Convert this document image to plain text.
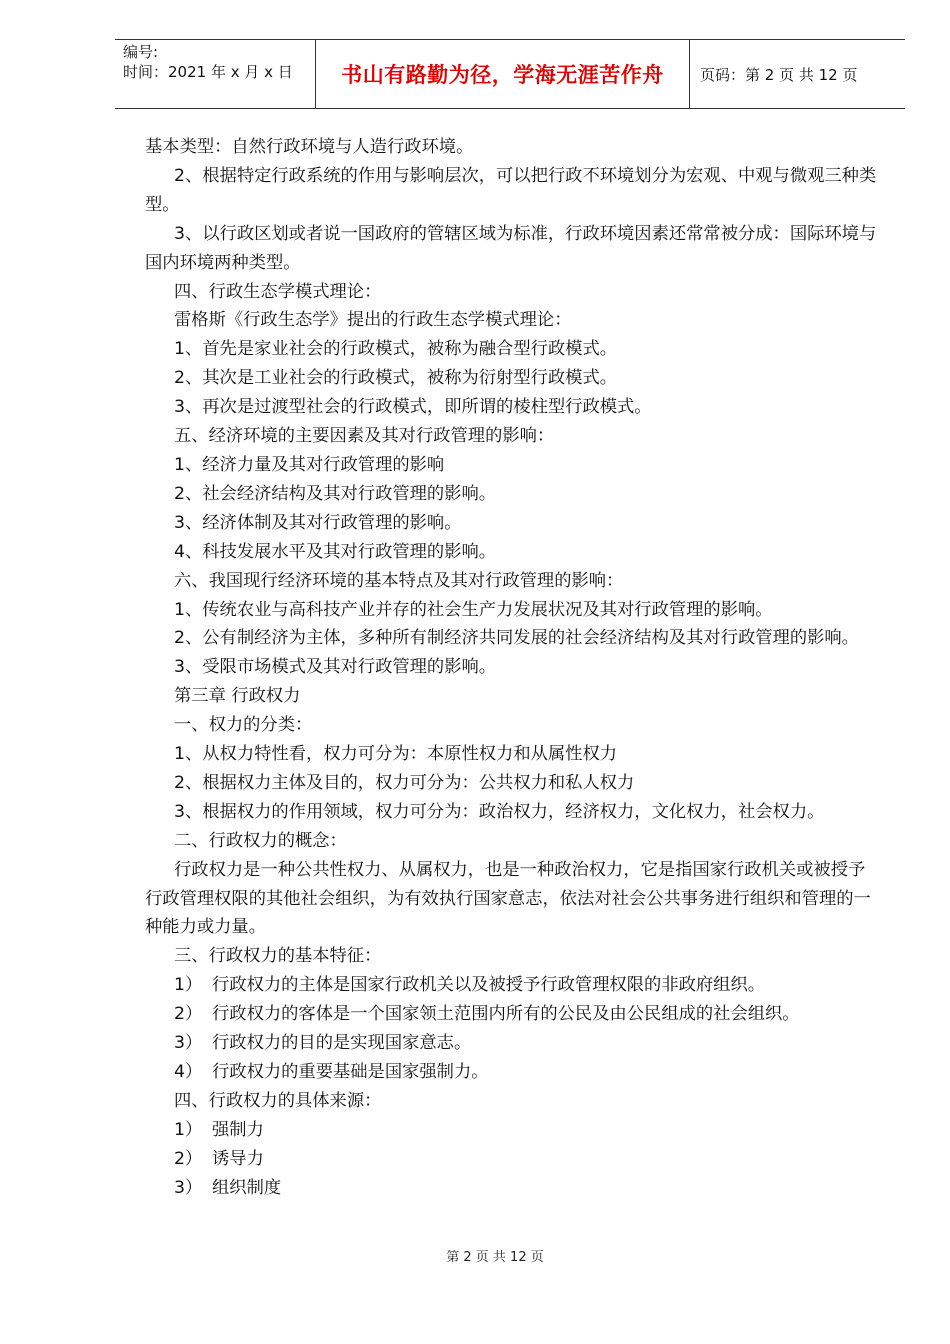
编号:
时间：2021 年 x 月 x 日	书山有路勤为径，学海无涯苦作舟	页码：第 2 页 共 12 页

基本类型：自然行政环境与人造行政环境。

2、根据特定行政系统的作用与影响层次，可以把行政不环境划分为宏观、中观与微观三种类型。

3、以行政区划或者说一国政府的管辖区域为标准，行政环境因素还常常被分成：国际环境与国内环境两种类型。

四、行政生态学模式理论：

雷格斯《行政生态学》提出的行政生态学模式理论：

1、首先是家业社会的行政模式，被称为融合型行政模式。

2、其次是工业社会的行政模式，被称为衍射型行政模式。

3、再次是过渡型社会的行政模式，即所谓的棱柱型行政模式。

五、经济环境的主要因素及其对行政管理的影响：

1、经济力量及其对行政管理的影响

2、社会经济结构及其对行政管理的影响。

3、经济体制及其对行政管理的影响。

4、科技发展水平及其对行政管理的影响。

六、我国现行经济环境的基本特点及其对行政管理的影响：

1、传统农业与高科技产业并存的社会生产力发展状况及其对行政管理的影响。

2、公有制经济为主体，多种所有制经济共同发展的社会经济结构及其对行政管理的影响。

3、受限市场模式及其对行政管理的影响。

第三章 行政权力

一、权力的分类：

1、从权力特性看，权力可分为：本原性权力和从属性权力

2、根据权力主体及目的，权力可分为：公共权力和私人权力

3、根据权力的作用领域，权力可分为：政治权力，经济权力，文化权力，社会权力。

二、行政权力的概念：

行政权力是一种公共性权力、从属权力，也是一种政治权力，它是指国家行政机关或被授予行政管理权限的其他社会组织，为有效执行国家意志，依法对社会公共事务进行组织和管理的一种能力或力量。

三、行政权力的基本特征：

1） 行政权力的主体是国家行政机关以及被授予行政管理权限的非政府组织。

2） 行政权力的客体是一个国家领土范围内所有的公民及由公民组成的社会组织。

3） 行政权力的目的是实现国家意志。

4） 行政权力的重要基础是国家强制力。

四、行政权力的具体来源：

1） 强制力

2） 诱导力

3） 组织制度

第 2 页 共 12 页
